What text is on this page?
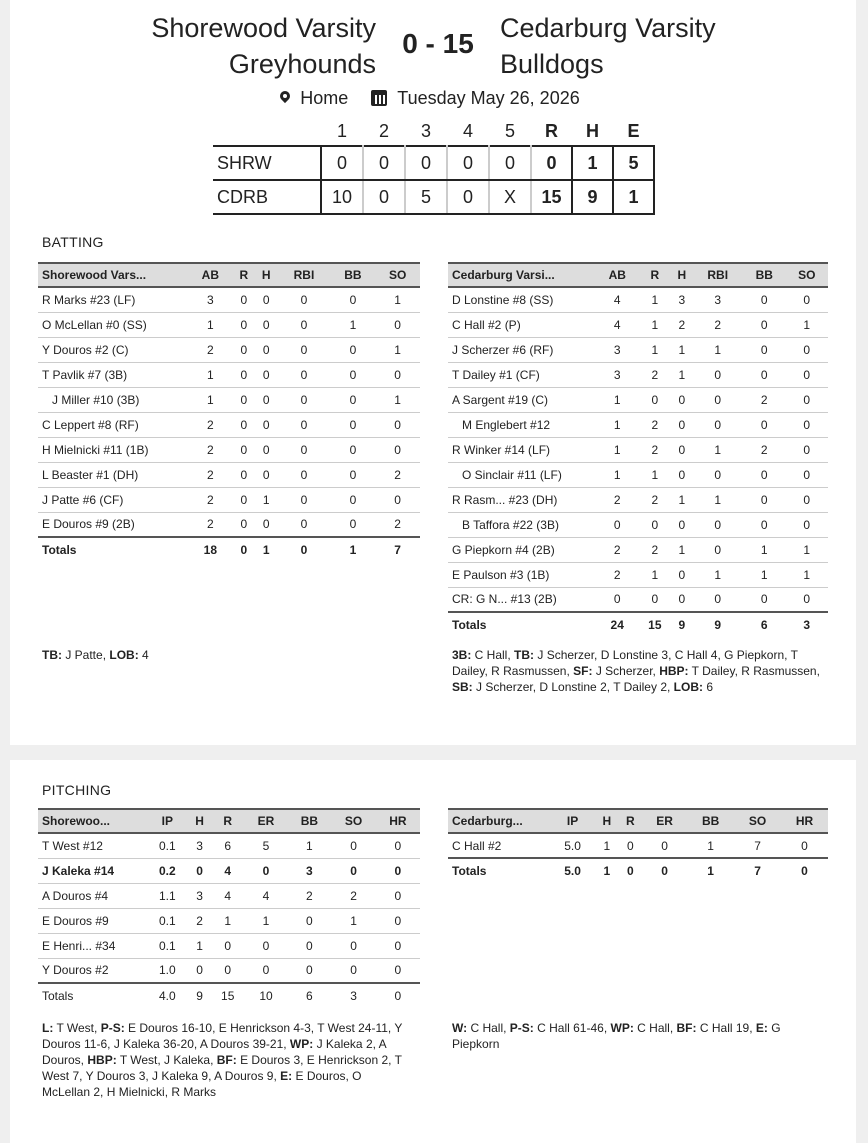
Shorewood Varsity
Greyhounds
0 - 15 Cedarburg Varsity
Bulldogs
Home	Tuesday May 26, 2026
	1	2	3	4	5	R	H	E
SHRW	0	0	0	0	0	0	1	5
CDRB	10	0	5	0	X	15	9	1
BATTING
Shorewood Vars...	AB	R	H	RBI	BB	SO
R Marks #23 (LF)	3	0	0	0	0	1
O McLellan #0 (SS)	1	0	0	0	1	0
Y Douros #2 (C)	2	0	0	0	0	1
T Pavlik #7 (3B)	1	0	0	0	0	0
J Miller #10 (3B)	1	0	0	0	0	1
C Leppert #8 (RF)	2	0	0	0	0	0
H Mielnicki #11 (1B)	2	0	0	0	0	0
L Beaster #1 (DH)	2	0	0	0	0	2
J Patte #6 (CF)	2	0	1	0	0	0
E Douros #9 (2B)	2	0	0	0	0	2
Totals	18	0	1	0	1	7
Cedarburg Varsi...	AB	R	H	RBI	BB	SO
D Lonstine #8 (SS)	4	1	3	3	0	0
C Hall #2 (P)	4	1	2	2	0	1
J Scherzer #6 (RF)	3	1	1	1	0	0
T Dailey #1 (CF)	3	2	1	0	0	0
A Sargent #19 (C)	1	0	0	0	2	0
M Englebert #12	1	2	0	0	0	0
R Winker #14 (LF)	1	2	0	1	2	0
O Sinclair #11 (LF)	1	1	0	0	0	0
R Rasm... #23 (DH)	2	2	1	1	0	0
B Taffora #22 (3B)	0	0	0	0	0	0
G Piepkorn #4 (2B)	2	2	1	0	1	1
E Paulson #3 (1B)	2	1	0	1	1	1
CR: G N... #13 (2B)	0	0	0	0	0	0
Totals	24	15	9	9	6	3
TB: J Patte, LOB: 4	3B: C Hall, TB: J Scherzer, D Lonstine 3, C Hall 4, G Piepkorn, T Dailey, R Rasmussen, SF: J Scherzer, HBP: T Dailey, R Rasmussen, SB: J Scherzer, D Lonstine 2, T Dailey 2, LOB: 6
PITCHING
Shorewoo...	IP	H	R	ER	BB	SO	HR
T West #12	0.1	3	6	5	1	0	0
J Kaleka #14	0.2	0	4	0	3	0	0
A Douros #4	1.1	3	4	4	2	2	0
E Douros #9	0.1	2	1	1	0	1	0
E Henri... #34	0.1	1	0	0	0	0	0
Y Douros #2	1.0	0	0	0	0	0	0
Totals	4.0	9	15	10	6	3	0
Cedarburg...	IP	H	R	ER	BB	SO	HR
C Hall #2	5.0	1	0	0	1	7	0
Totals	5.0	1	0	0	1	7	0
L: T West, P-S: E Douros 16-10, E Henrickson 4-3, T West 24-11, Y Douros 11-6, J Kaleka 36-20, A Douros 39-21, WP: J Kaleka 2, A Douros, HBP: T West, J Kaleka, BF: E Douros 3, E Henrickson 2, T West 7, Y Douros 3, J Kaleka 9, A Douros 9, E: E Douros, O McLellan 2, H Mielnicki, R Marks
W: C Hall, P-S: C Hall 61-46, WP: C Hall, BF: C Hall 19, E: G Piepkorn
